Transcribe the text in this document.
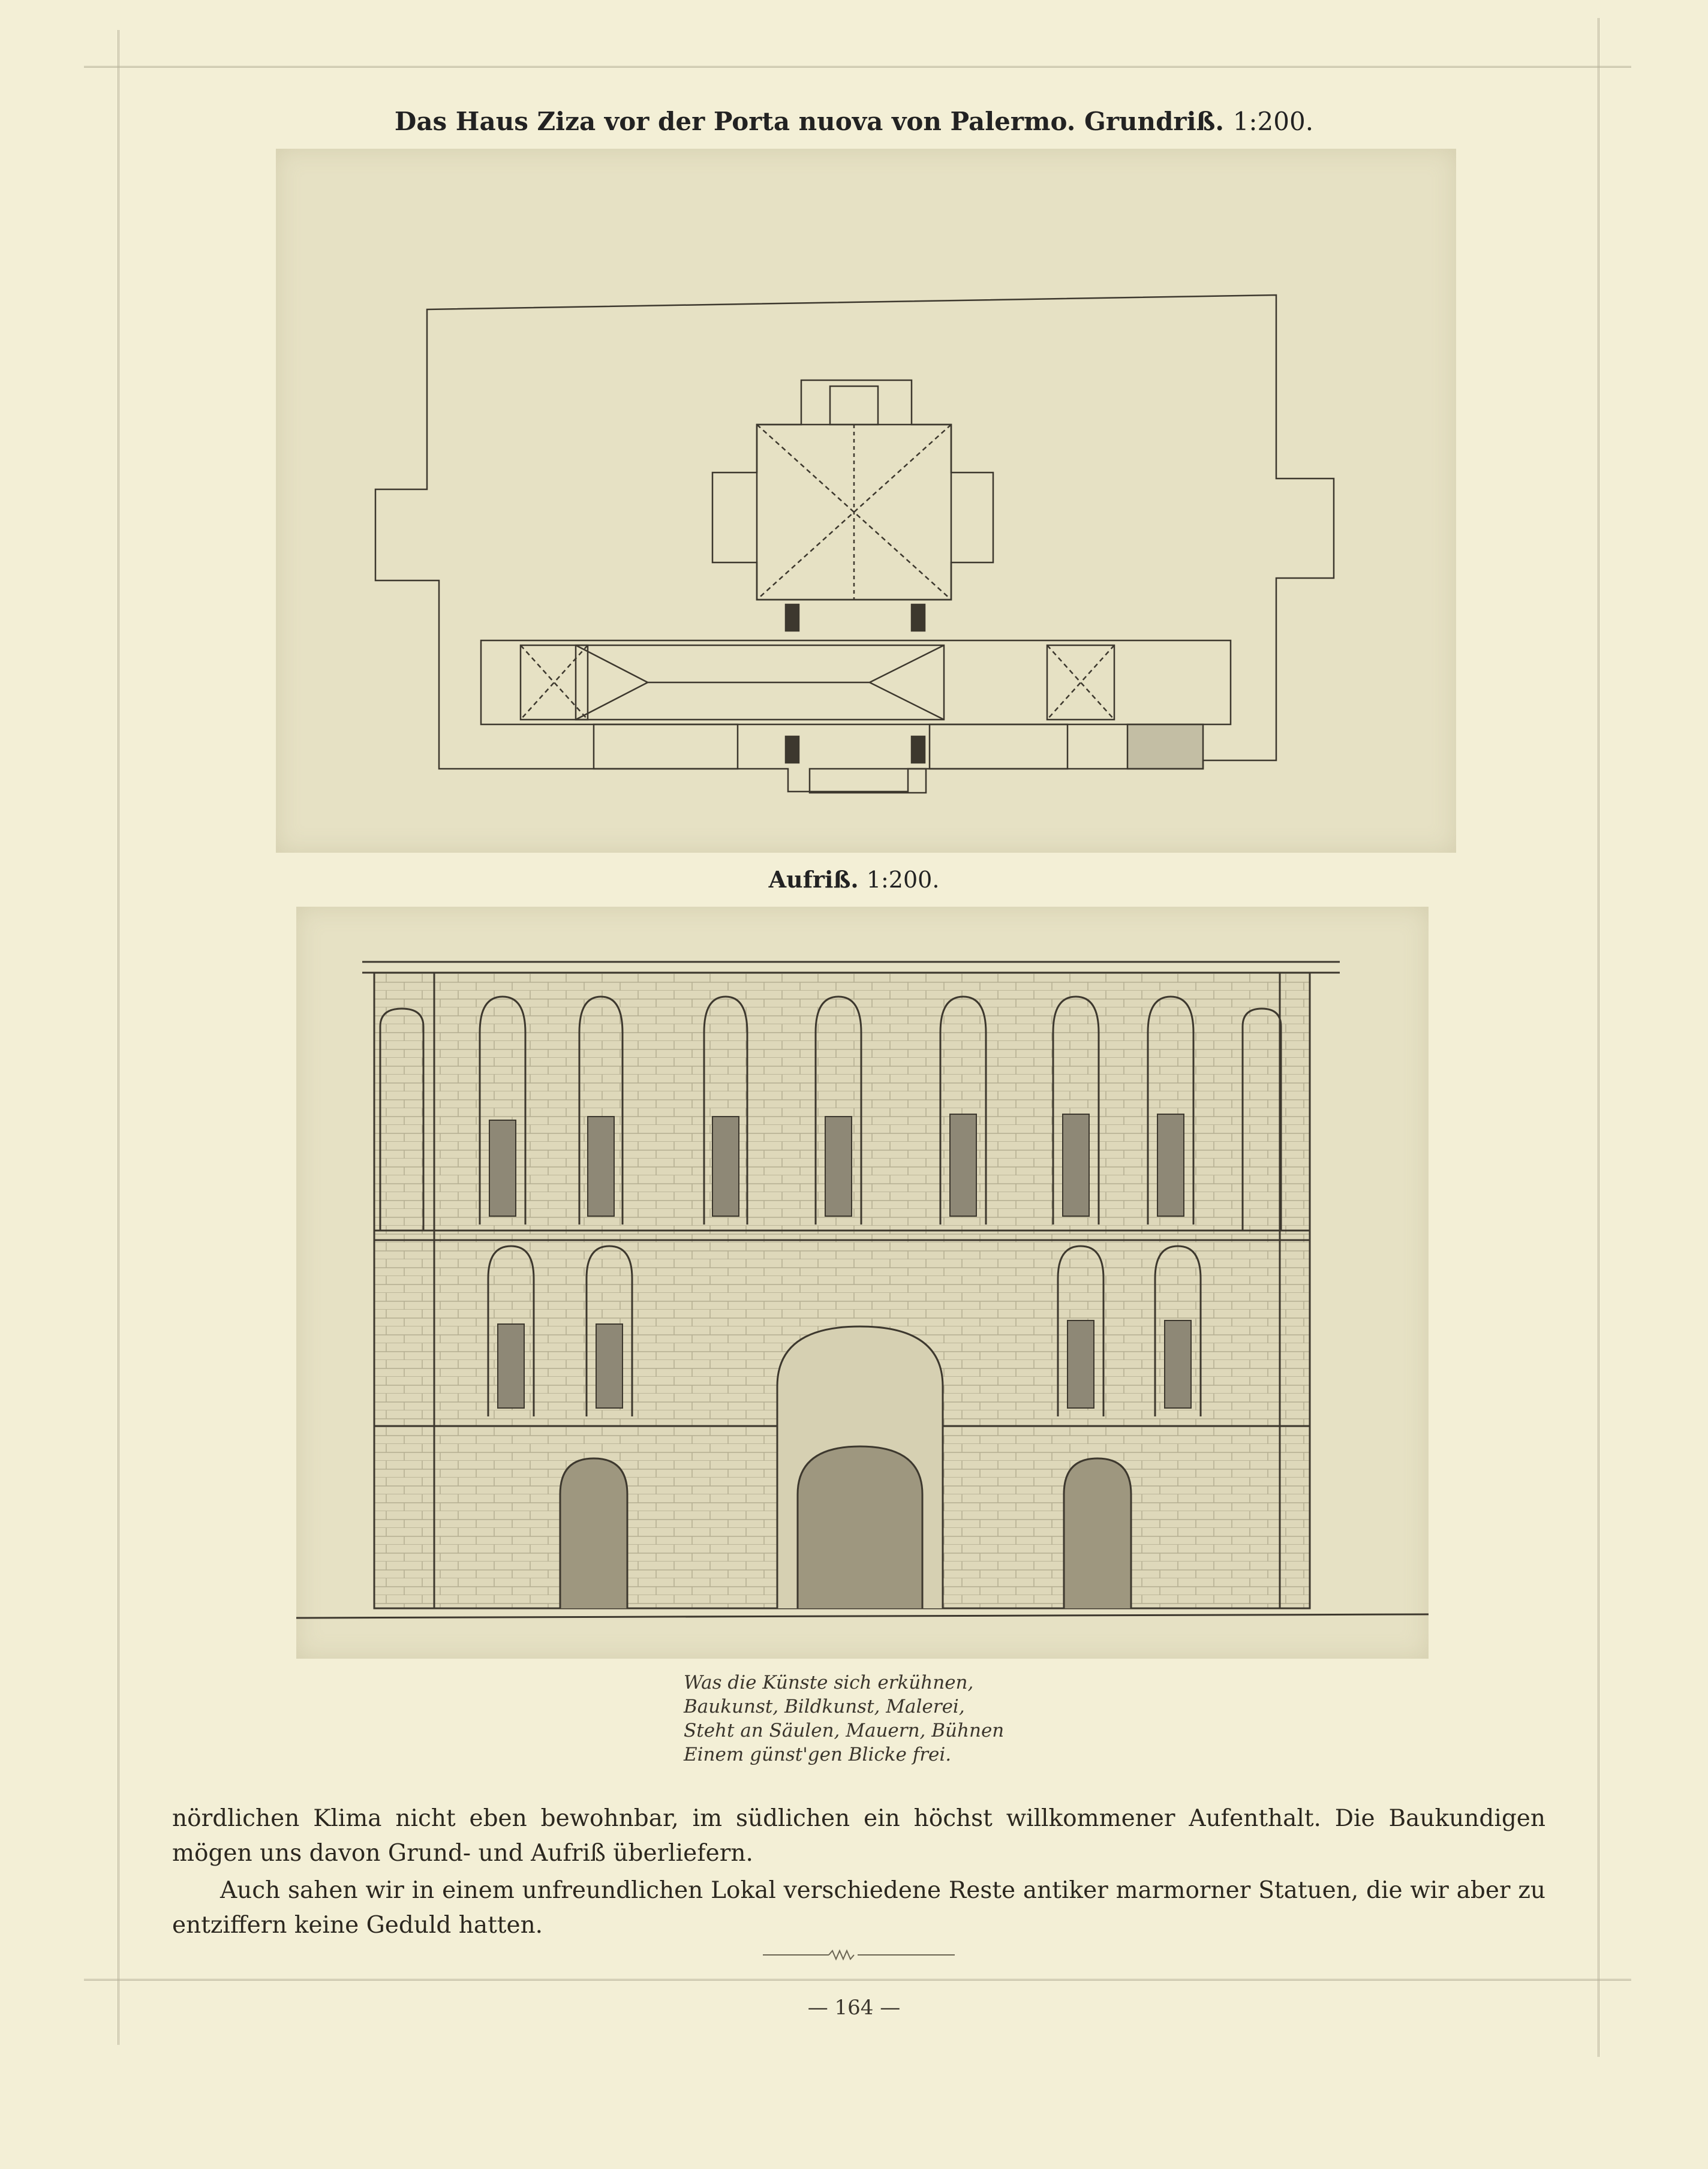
Das Haus Ziza vor der Porta nuova von Palermo. Grundriß. 1:200.
Aufriß. 1:200.
Was die Künste sich erkühnen,
Baukunst, Bildkunst, Malerei,
Steht an Säulen, Mauern, Bühnen
Einem günst'gen Blicke frei.

nördlichen Klima nicht eben bewohnbar, im südlichen ein höchst willkommener Aufenthalt. Die Baukundigen mögen uns davon Grund- und Aufriß überliefern.

Auch sahen wir in einem unfreundlichen Lokal verschiedene Reste antiker marmorner Statuen, die wir aber zu entziffern keine Geduld hatten.

— 164 —
